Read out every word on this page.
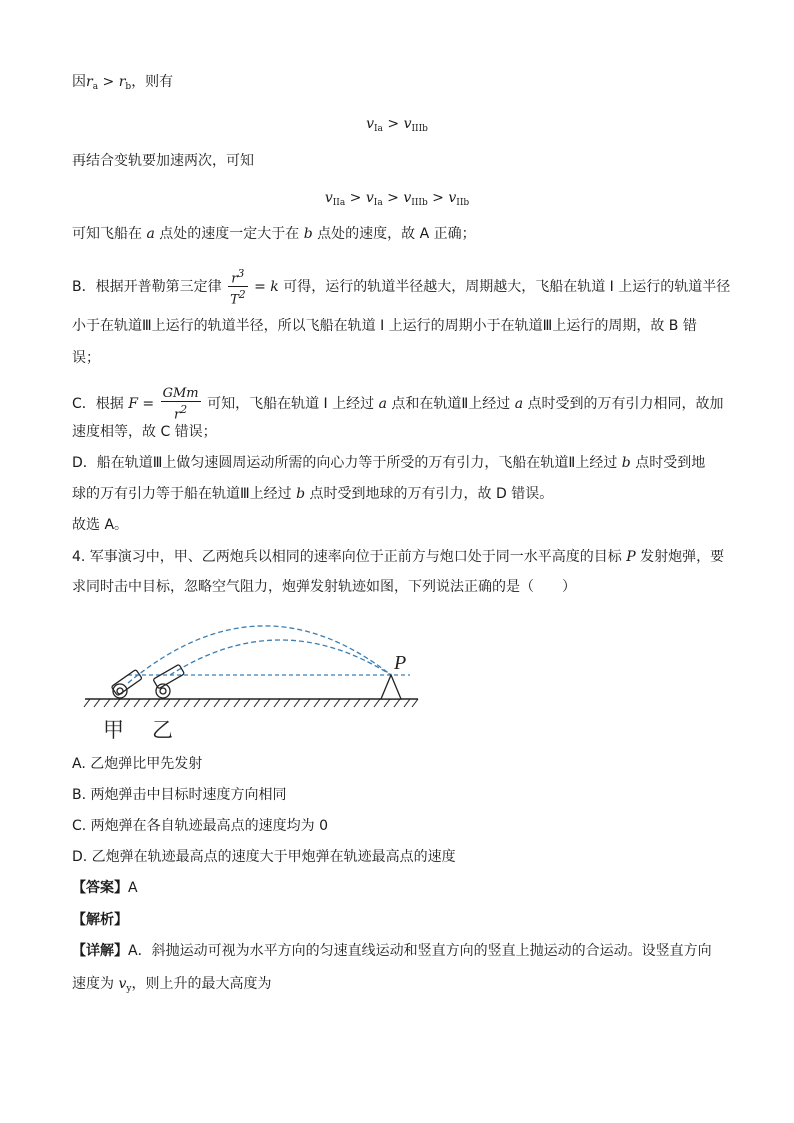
因$r_a > r_b$，则有
$v_{Ia} > v_{IIIb}$
再结合变轨要加速两次，可知
$v_{IIa} > v_{Ia} > v_{IIIb} > v_{IIb}$
可知飞船在 a 点处的速度一定大于在 b 点处的速度，故 A 正确；
B．根据开普勒第三定律 $\frac{r^3}{T^2} = k$ 可得，运行的轨道半径越大，周期越大，飞船在轨道 Ⅰ 上运行的轨道半径
小于在轨道Ⅲ上运行的轨道半径，所以飞船在轨道 Ⅰ 上运行的周期小于在轨道Ⅲ上运行的周期，故 B 错
误；
C．根据 $F = \frac{\text{GMm}}{r^2}$ 可知，飞船在轨道 Ⅰ 上经过 a 点和在轨道Ⅱ上经过 a 点时受到的万有引力相同，故加
速度相等，故 C 错误；
D．船在轨道Ⅲ上做匀速圆周运动所需的向心力等于所受的万有引力，飞船在轨道Ⅱ上经过 b 点时受到地
球的万有引力等于船在轨道Ⅲ上经过 b 点时受到地球的万有引力，故 D 错误。
故选 A。
4. 军事演习中，甲、乙两炮兵以相同的速率向位于正前方与炮口处于同一水平高度的目标 P 发射炮弹，要
求同时击中目标，忽略空气阻力，炮弹发射轨迹如图，下列说法正确的是（　　）
P
甲 乙
A. 乙炮弹比甲先发射
B. 两炮弹击中目标时速度方向相同
C. 两炮弹在各自轨迹最高点的速度均为 0
D. 乙炮弹在轨迹最高点的速度大于甲炮弹在轨迹最高点的速度
【答案】A
【解析】
【详解】A．斜抛运动可视为水平方向的匀速直线运动和竖直方向的竖直上抛运动的合运动。设竖直方向
速度为 $v_y$，则上升的最大高度为
